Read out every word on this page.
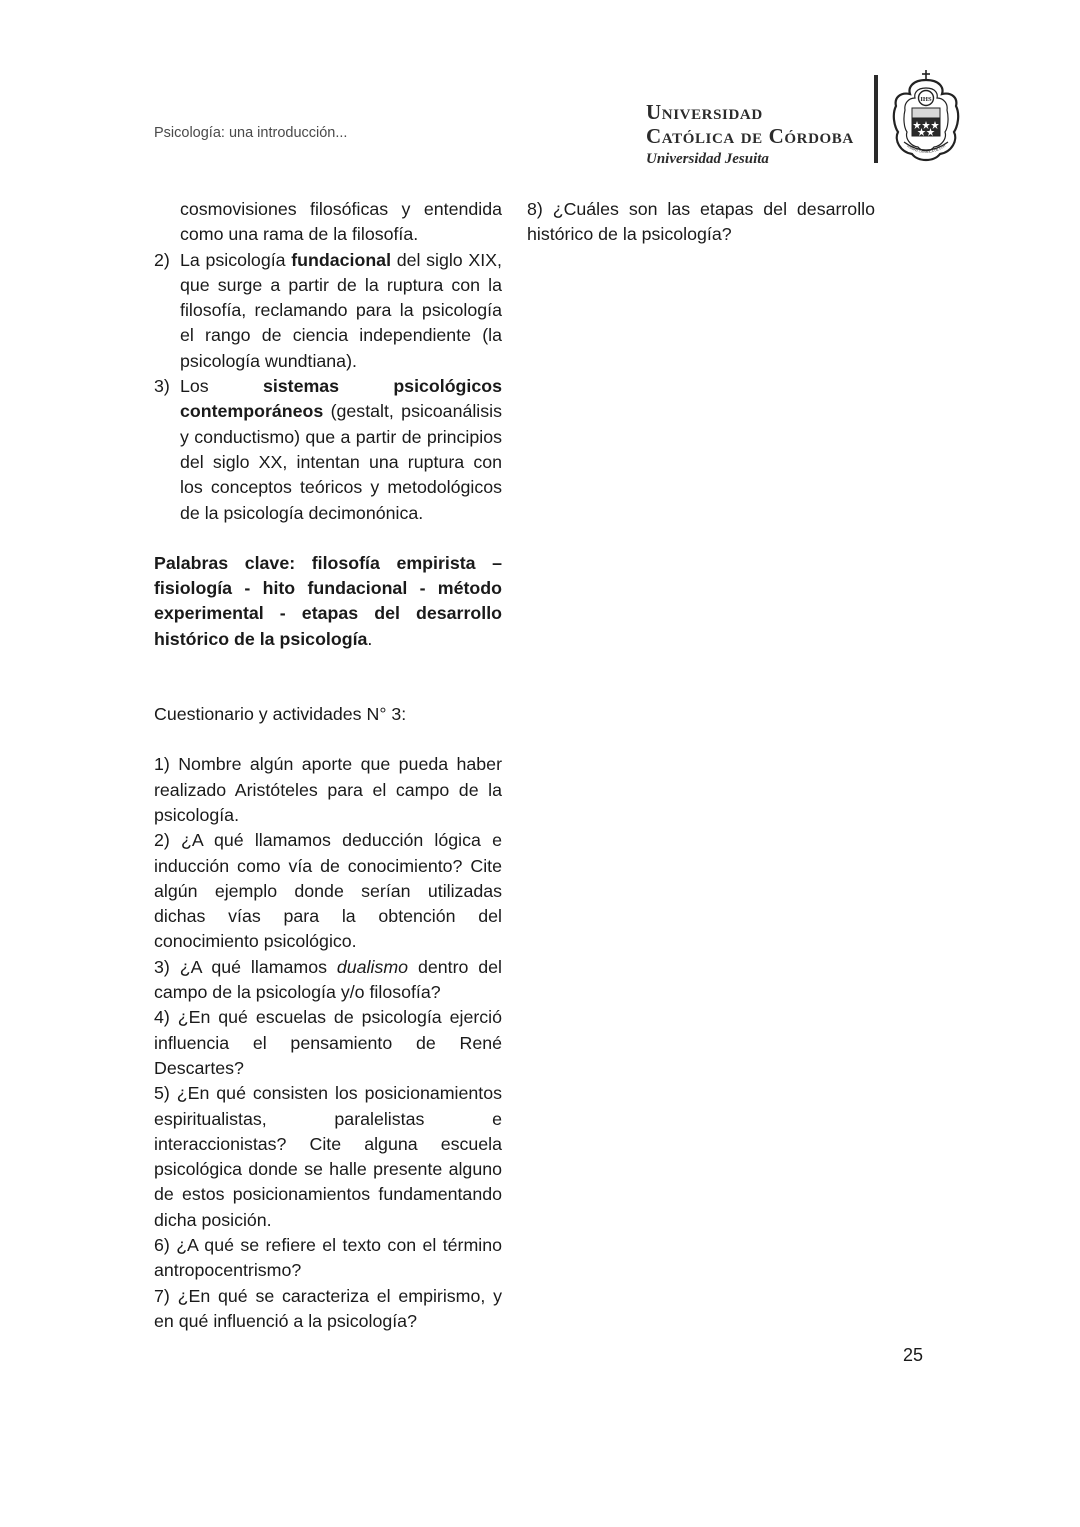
Psicología: una introducción...
Universidad
Católica de Córdoba
Universidad Jesuita
IHS
RSIDAD CATOLICA DE COR
cosmovisiones filosóficas y entendida como una rama de la filosofía.
2) La psicología fundacional del siglo XIX, que surge a partir de la ruptura con la filosofía, reclamando para la psicología el rango de ciencia independiente (la psicología wundtiana).
3) Los sistemas psicológicos contemporáneos (gestalt, psicoanálisis y conductismo) que a partir de principios del siglo XX, intentan una ruptura con los conceptos teóricos y metodológicos de la psicología decimonónica.
Palabras clave: filosofía empirista – fisiología - hito fundacional - método experimental - etapas del desarrollo histórico de la psicología.
Cuestionario y actividades N° 3:
1) Nombre algún aporte que pueda haber realizado Aristóteles para el campo de la psicología.
2) ¿A qué llamamos deducción lógica e inducción como vía de conocimiento? Cite algún ejemplo donde serían utilizadas dichas vías para la obtención del conocimiento psicológico.
3) ¿A qué llamamos dualismo dentro del campo de la psicología y/o filosofía?
4) ¿En qué escuelas de psicología ejerció influencia el pensamiento de René Descartes?
5) ¿En qué consisten los posicionamientos espiritualistas, paralelistas e interaccionistas? Cite alguna escuela psicológica donde se halle presente alguno de estos posicionamientos fundamentando dicha posición.
6) ¿A qué se refiere el texto con el término antropocentrismo?
7) ¿En qué se caracteriza el empirismo, y en qué influenció a la psicología?
8) ¿Cuáles son las etapas del desarrollo histórico de la psicología?
25
